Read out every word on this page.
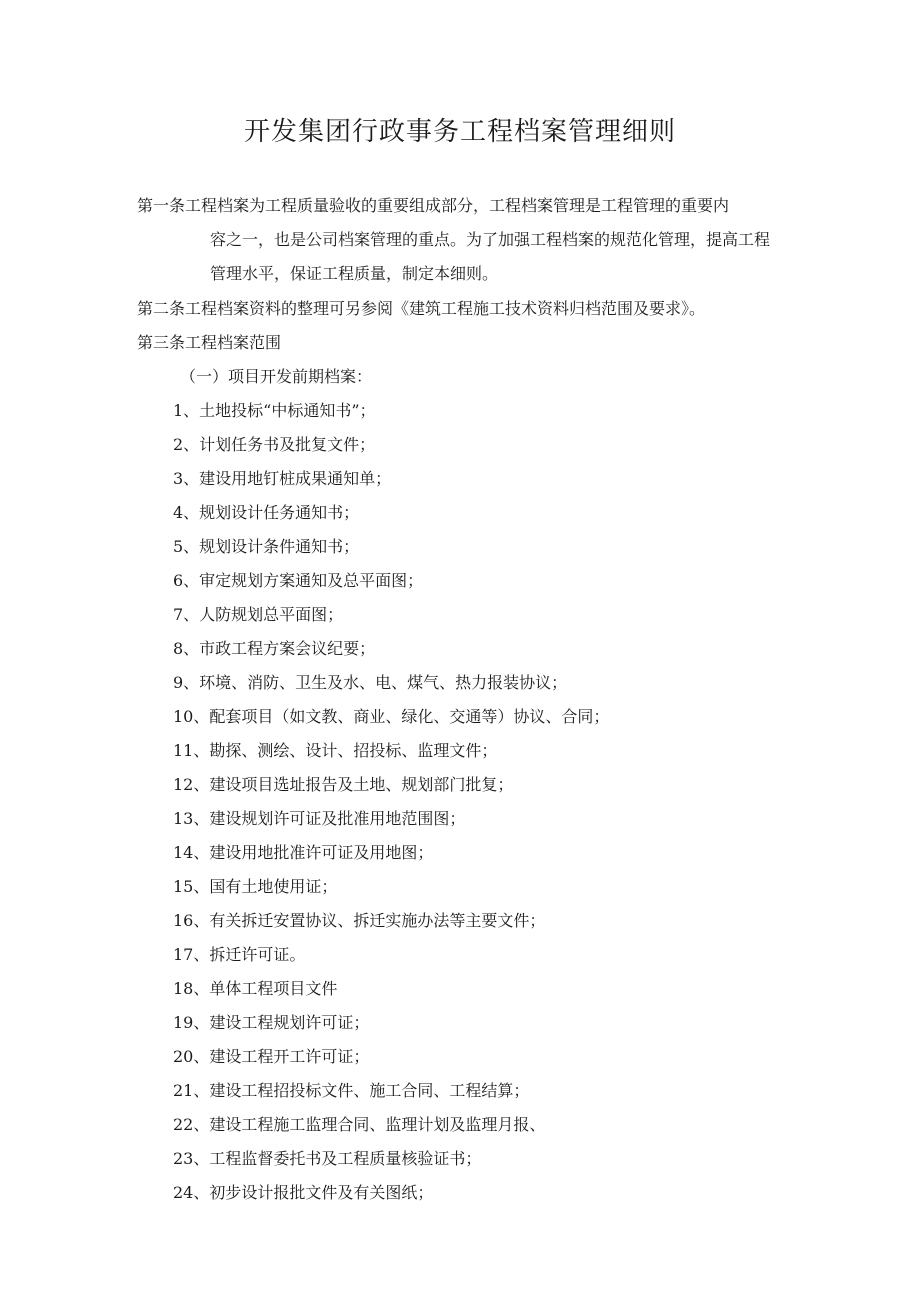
开发集团行政事务工程档案管理细则
第一条工程档案为工程质量验收的重要组成部分，工程档案管理是工程管理的重要内
容之一，也是公司档案管理的重点。为了加强工程档案的规范化管理，提高工程管理水平，保证工程质量，制定本细则。

第二条工程档案资料的整理可另参阅《建筑工程施工技术资料归档范围及要求》。

第三条工程档案范围

（一）项目开发前期档案：

1、土地投标“中标通知书”；

2、计划任务书及批复文件；

3、建设用地钉桩成果通知单；

4、规划设计任务通知书；

5、规划设计条件通知书；

6、审定规划方案通知及总平面图；

7、人防规划总平面图；

8、市政工程方案会议纪要；

9、环境、消防、卫生及水、电、煤气、热力报装协议；

10、配套项目（如文教、商业、绿化、交通等）协议、合同；

11、勘探、测绘、设计、招投标、监理文件；

12、建设项目选址报告及土地、规划部门批复；

13、建设规划许可证及批准用地范围图；

14、建设用地批准许可证及用地图；

15、国有土地使用证；

16、有关拆迁安置协议、拆迁实施办法等主要文件；

17、拆迁许可证。

18、单体工程项目文件

19、建设工程规划许可证；

20、建设工程开工许可证；

21、建设工程招投标文件、施工合同、工程结算；

22、建设工程施工监理合同、监理计划及监理月报、

23、工程监督委托书及工程质量核验证书；

24、初步设计报批文件及有关图纸；
